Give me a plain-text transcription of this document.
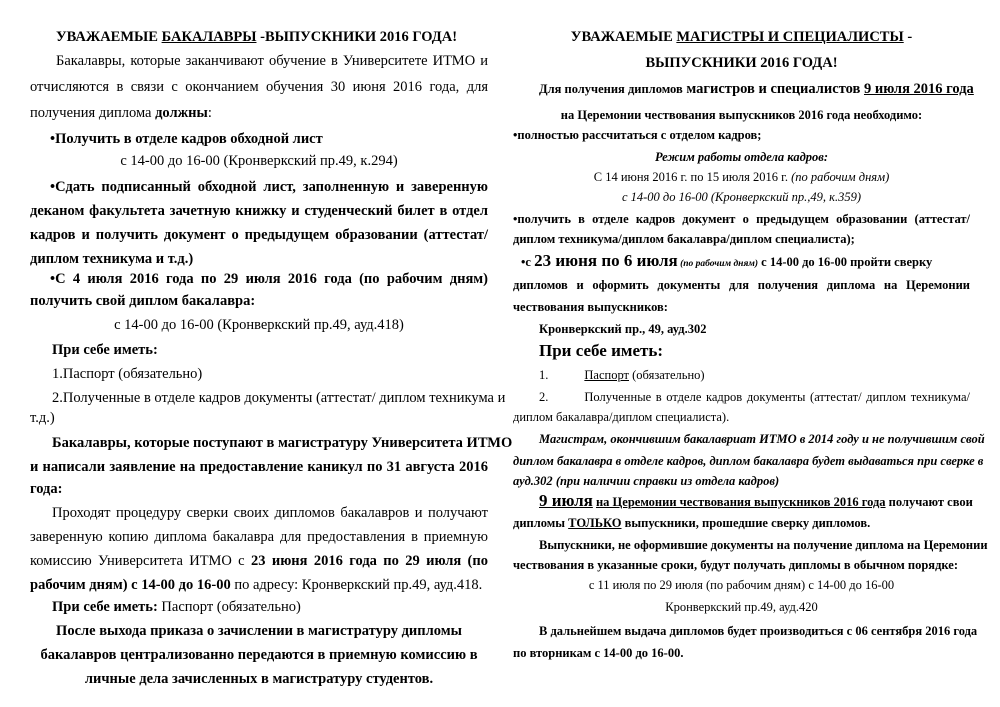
УВАЖАЕМЫЕ БАКАЛАВРЫ -ВЫПУСКНИКИ 2016 ГОДА!
Бакалавры, которые заканчивают обучение в Университете ИТМО и
отчисляются в связи с окончанием обучения 30 июня 2016 года, для
получения диплома должны:
•Получить в отделе кадров обходной лист
с 14-00 до 16-00 (Кронверкский пр.49, к.294)
•Сдать подписанный обходной лист, заполненную и заверенную
деканом факультета зачетную книжку и студенческий билет в отдел
кадров и получить документ о предыдущем образовании (аттестат/
диплом техникума и т.д.)
•С 4 июля 2016 года по 29 июля 2016 года (по рабочим дням)
получить свой диплом бакалавра:
с 14-00 до 16-00 (Кронверкский пр.49, ауд.418)
При себе иметь:
1.Паспорт (обязательно)
2.Полученные в отделе кадров документы (аттестат/ диплом техникума и
т.д.)
Бакалавры, которые поступают в магистратуру Университета ИТМО
и написали заявление на предоставление каникул по 31 августа 2016
года:
Проходят процедуру сверки своих дипломов бакалавров и получают
заверенную копию диплома бакалавра для предоставления в приемную
комиссию Университета ИТМО с 23 июня 2016 года по 29 июля (по
рабочим дням) с 14-00 до 16-00 по адресу: Кронверкский пр.49, ауд.418.
При себе иметь: Паспорт (обязательно)
После выхода приказа о зачислении в магистратуру дипломы
бакалавров централизованно передаются в приемную комиссию в
личные дела зачисленных в магистратуру студентов.
УВАЖАЕМЫЕ МАГИСТРЫ И СПЕЦИАЛИСТЫ -
ВЫПУСКНИКИ 2016 ГОДА!
Для получения дипломов магистров и специалистов 9 июля 2016 года
на Церемонии чествования выпускников 2016 года необходимо:
•полностью рассчитаться с отделом кадров;
Режим работы отдела кадров:
С 14 июня 2016 г. по 15 июля 2016 г. (по рабочим дням)
с 14-00 до 16-00 (Кронверкский пр.,49, к.359)
•получить в отделе кадров документ о предыдущем образовании (аттестат/
диплом техникума/диплом бакалавра/диплом специалиста);
•с 23 июня по 6 июля (по рабочим дням) с 14-00 до 16-00 пройти сверку
дипломов и оформить документы для получения диплома на Церемонии
чествования выпускников:
Кронверкский пр., 49, ауд.302
При себе иметь:
1.	Паспорт (обязательно)
2.	Полученные в отделе кадров документы (аттестат/ диплом техникума/
диплом бакалавра/диплом специалиста).
Магистрам, окончившим бакалавриат ИТМО в 2014 году и не получившим свой
диплом бакалавра в отделе кадров, диплом бакалавра будет выдаваться при сверке в
ауд.302 (при наличии справки из отдела кадров)
9 июля на Церемонии чествования выпускников 2016 года получают свои
дипломы ТОЛЬКО выпускники, прошедшие сверку дипломов.
Выпускники, не оформившие документы на получение диплома на Церемонии
чествования в указанные сроки, будут получать дипломы в обычном порядке:
с 11 июля по 29 июля (по рабочим дням) с 14-00 до 16-00
Кронверкский пр.49, ауд.420
В дальнейшем выдача дипломов будет производиться с 06 сентября 2016 года
по вторникам с 14-00 до 16-00.
